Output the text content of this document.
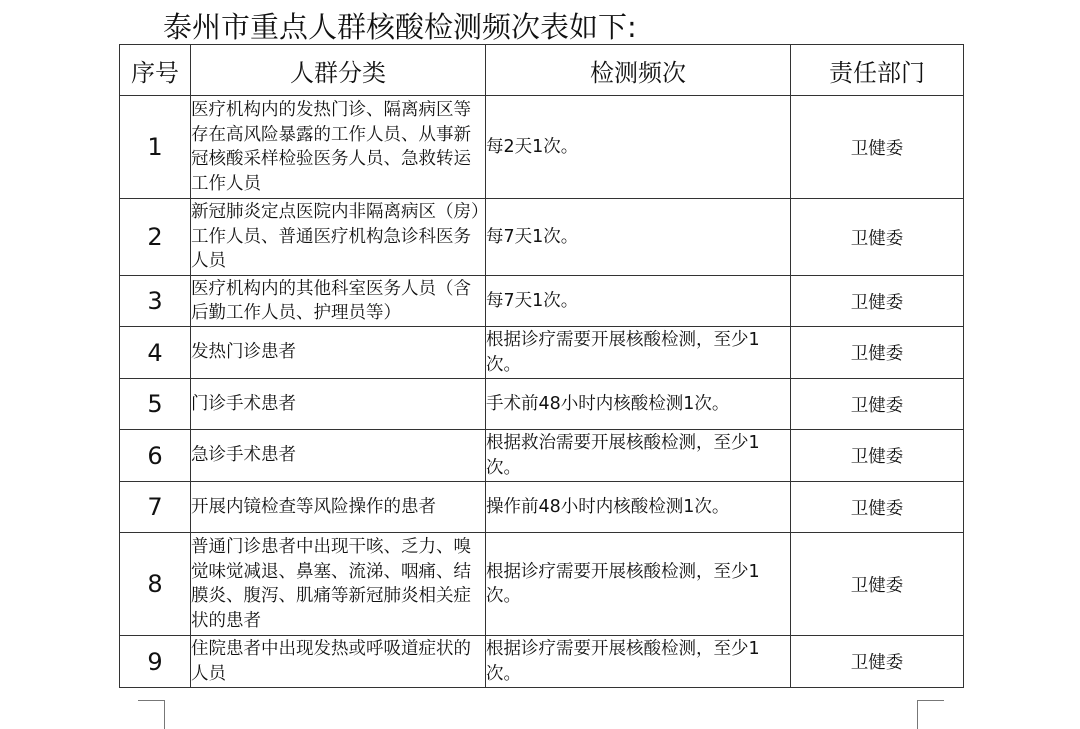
泰州市重点人群核酸检测频次表如下:
序号	人群分类	检测频次	责任部门
1	医疗机构内的发热门诊、隔离病区等存在高风险暴露的工作人员、从事新冠核酸采样检验医务人员、急救转运工作人员	每2天1次。	卫健委
2	新冠肺炎定点医院内非隔离病区（房）工作人员、普通医疗机构急诊科医务人员	每7天1次。	卫健委
3	医疗机构内的其他科室医务人员（含后勤工作人员、护理员等）	每7天1次。	卫健委
4	发热门诊患者	根据诊疗需要开展核酸检测，至少1次。	卫健委
5	门诊手术患者	手术前48小时内核酸检测1次。	卫健委
6	急诊手术患者	根据救治需要开展核酸检测，至少1次。	卫健委
7	开展内镜检查等风险操作的患者	操作前48小时内核酸检测1次。	卫健委
8	普通门诊患者中出现干咳、乏力、嗅觉味觉减退、鼻塞、流涕、咽痛、结膜炎、腹泻、肌痛等新冠肺炎相关症状的患者	根据诊疗需要开展核酸检测，至少1次。	卫健委
9	住院患者中出现发热或呼吸道症状的人员	根据诊疗需要开展核酸检测，至少1次。	卫健委
